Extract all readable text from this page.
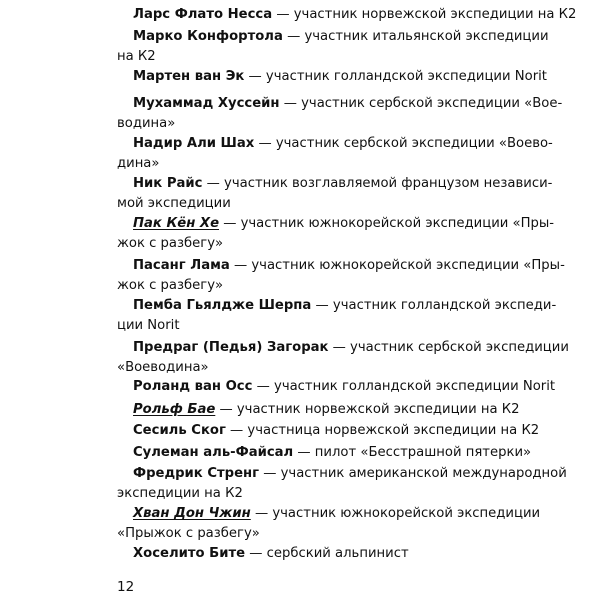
Ларс Флато Несса — участник норвежской экспедиции на К2
Марко Конфортола — участник итальянской экспедиции
на К2
Мартен ван Эк — участник голландской экспедиции Norit
Мухаммад Хуссейн — участник сербской экспедиции «Вое-
водина»
Надир Али Шах — участник сербской экспедиции «Воево-
дина»
Ник Райс — участник возглавляемой французом независи-
мой экспедиции
Пак Кён Хе — участник южнокорейской экспедиции «Пры-
жок с разбегу»
Пасанг Лама — участник южнокорейской экспедиции «Пры-
жок с разбегу»
Пемба Гьялдже Шерпа — участник голландской экспеди-
ции Norit
Предраг (Педья) Загорак — участник сербской экспедиции
«Воеводина»
Роланд ван Осс — участник голландской экспедиции Norit
Рольф Бае — участник норвежской экспедиции на К2
Сесиль Ског — участница норвежской экспедиции на К2
Сулеман аль-Файсал — пилот «Бесстрашной пятерки»
Фредрик Стренг — участник американской международной
экспедиции на К2
Хван Дон Чжин — участник южнокорейской экспедиции
«Прыжок с разбегу»
Хоселито Бите — сербский альпинист
12
